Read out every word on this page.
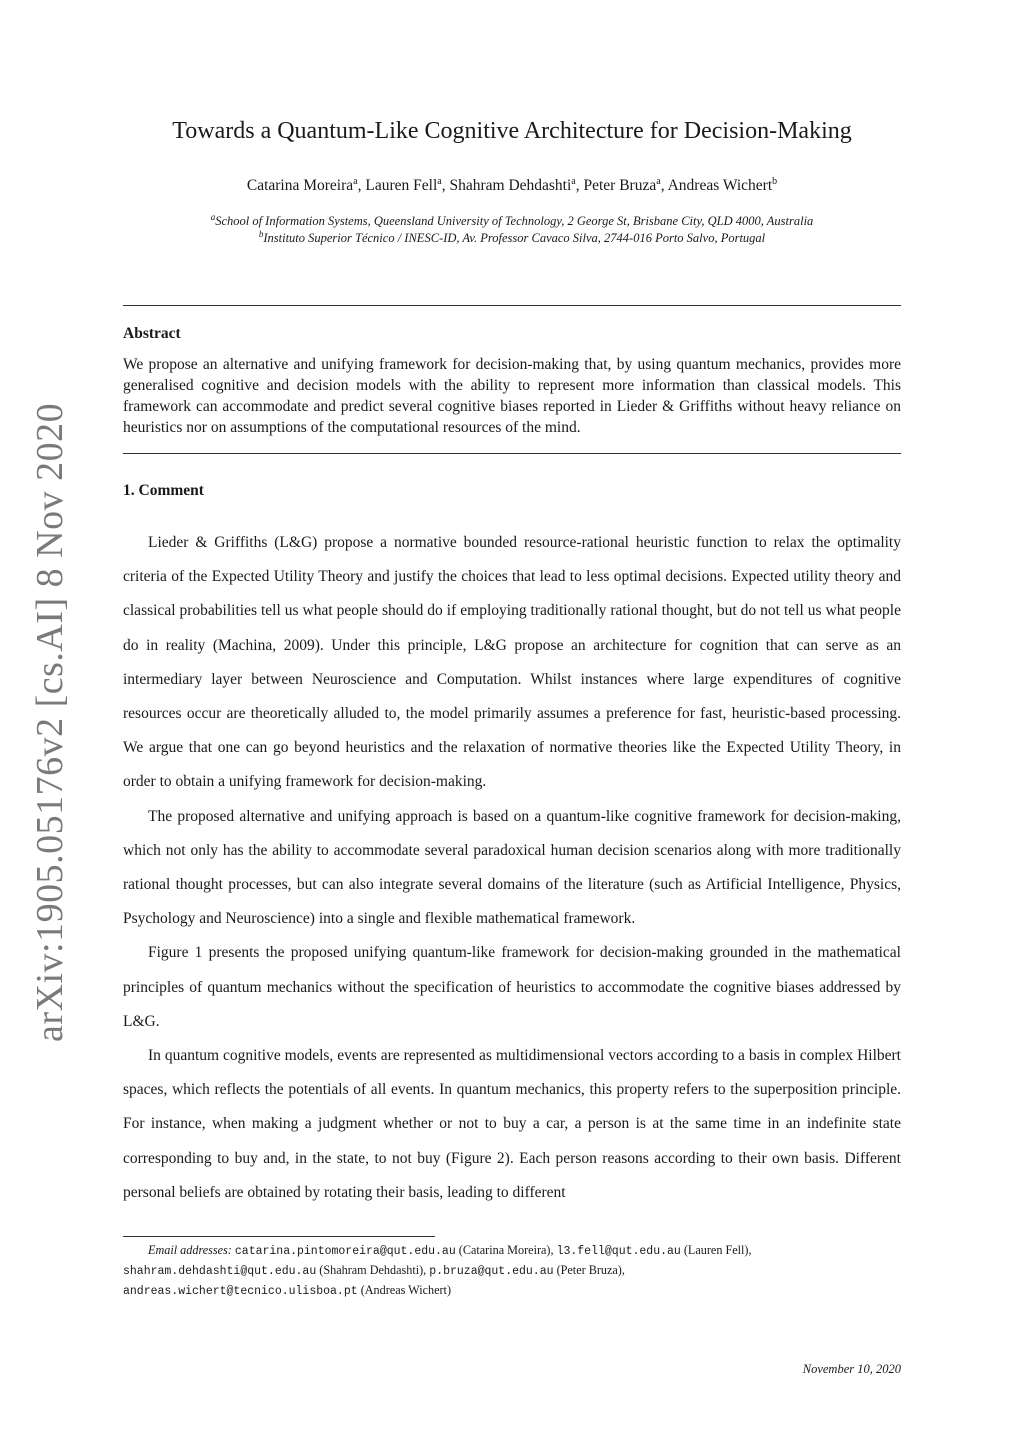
arXiv:1905.05176v2 [cs.AI] 8 Nov 2020
Towards a Quantum-Like Cognitive Architecture for Decision-Making
Catarina Moreira$^a$, Lauren Fell$^a$, Shahram Dehdashti$^a$, Peter Bruza$^a$, Andreas Wichert$^b$
$^a$School of Information Systems, Queensland University of Technology, 2 George St, Brisbane City, QLD 4000, Australia
$^b$Instituto Superior Técnico / INESC-ID, Av. Professor Cavaco Silva, 2744-016 Porto Salvo, Portugal
Abstract
We propose an alternative and unifying framework for decision-making that, by using quantum mechanics, provides more generalised cognitive and decision models with the ability to represent more information than classical models. This framework can accommodate and predict several cognitive biases reported in Lieder & Griffiths without heavy reliance on heuristics nor on assumptions of the computational resources of the mind.
1. Comment

Lieder & Griffiths (L&G) propose a normative bounded resource-rational heuristic function to relax the optimality criteria of the Expected Utility Theory and justify the choices that lead to less optimal decisions. Expected utility theory and classical probabilities tell us what people should do if employing traditionally rational thought, but do not tell us what people do in reality (Machina, 2009). Under this principle, L&G propose an architecture for cognition that can serve as an intermediary layer between Neuroscience and Computation. Whilst instances where large expenditures of cognitive resources occur are theoretically alluded to, the model primarily assumes a preference for fast, heuristic-based processing. We argue that one can go beyond heuristics and the relaxation of normative theories like the Expected Utility Theory, in order to obtain a unifying framework for decision-making.

The proposed alternative and unifying approach is based on a quantum-like cognitive framework for decision-making, which not only has the ability to accommodate several paradoxical human decision scenarios along with more traditionally rational thought processes, but can also integrate several domains of the literature (such as Artificial Intelligence, Physics, Psychology and Neuroscience) into a single and flexible mathematical framework.

Figure 1 presents the proposed unifying quantum-like framework for decision-making grounded in the mathematical principles of quantum mechanics without the specification of heuristics to accommodate the cognitive biases addressed by L&G.

In quantum cognitive models, events are represented as multidimensional vectors according to a basis in complex Hilbert spaces, which reflects the potentials of all events. In quantum mechanics, this property refers to the superposition principle. For instance, when making a judgment whether or not to buy a car, a person is at the same time in an indefinite state corresponding to buy and, in the state, to not buy (Figure 2). Each person reasons according to their own basis. Different personal beliefs are obtained by rotating their basis, leading to different

Email addresses: catarina.pintomoreira@qut.edu.au (Catarina Moreira), l3.fell@qut.edu.au (Lauren Fell),
shahram.dehdashti@qut.edu.au (Shahram Dehdashti), p.bruza@qut.edu.au (Peter Bruza),
andreas.wichert@tecnico.ulisboa.pt (Andreas Wichert)
November 10, 2020
